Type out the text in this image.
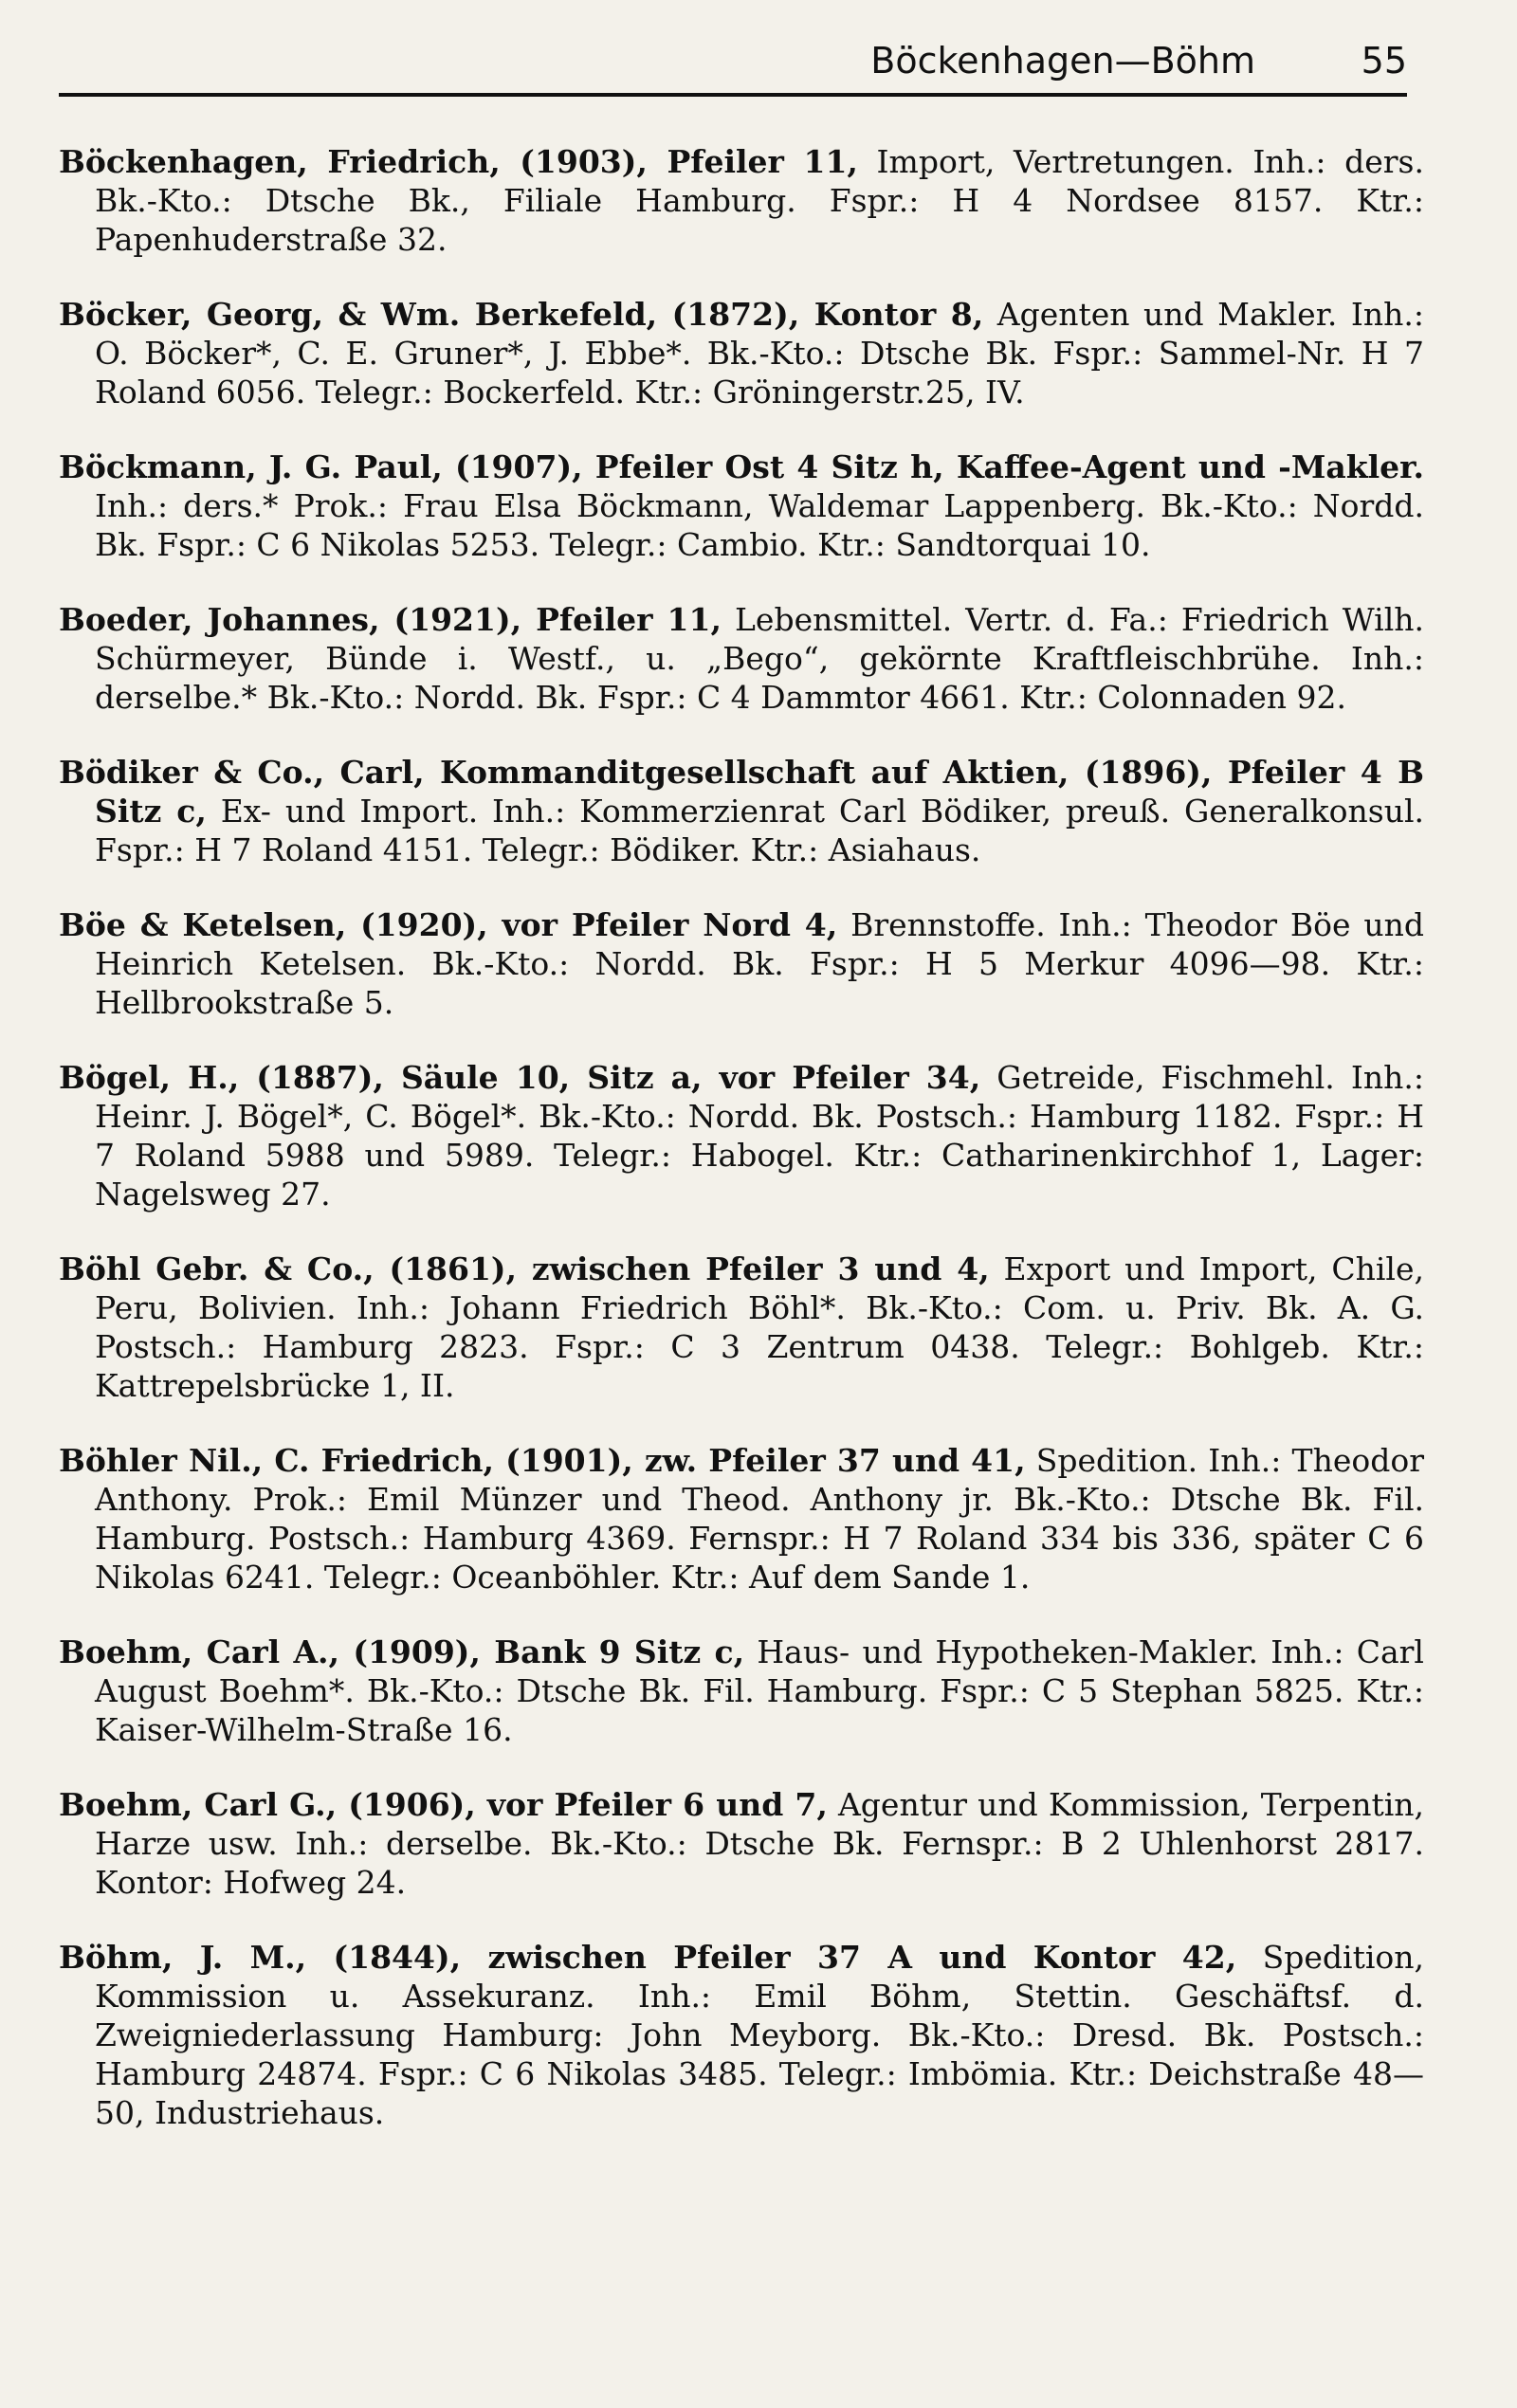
Böckenhagen—Böhm	55

Böckenhagen, Friedrich, (1903), Pfeiler 11, Import, Vertretungen. Inh.: ders. Bk.-Kto.: Dtsche Bk., Filiale Hamburg. Fspr.: H 4 Nordsee 8157. Ktr.: Papenhuderstraße 32.

Böcker, Georg, & Wm. Berkefeld, (1872), Kontor 8, Agenten und Makler. Inh.: O. Böcker*, C. E. Gruner*, J. Ebbe*. Bk.-Kto.: Dtsche Bk. Fspr.: Sammel-Nr. H 7 Roland 6056. Telegr.: Bockerfeld. Ktr.: Gröningerstr.25, IV.

Böckmann, J. G. Paul, (1907), Pfeiler Ost 4 Sitz h, Kaffee-Agent und -Makler. Inh.: ders.* Prok.: Frau Elsa Böckmann, Waldemar Lappenberg. Bk.-Kto.: Nordd. Bk. Fspr.: C 6 Nikolas 5253. Telegr.: Cambio. Ktr.: Sandtorquai 10.

Boeder, Johannes, (1921), Pfeiler 11, Lebensmittel. Vertr. d. Fa.: Friedrich Wilh. Schürmeyer, Bünde i. Westf., u. „Bego“, gekörnte Kraftfleischbrühe. Inh.: derselbe.* Bk.-Kto.: Nordd. Bk. Fspr.: C 4 Dammtor 4661. Ktr.: Colonnaden 92.

Bödiker & Co., Carl, Kommanditgesellschaft auf Aktien, (1896), Pfeiler 4 B Sitz c, Ex- und Import. Inh.: Kommerzienrat Carl Bödiker, preuß. Generalkonsul. Fspr.: H 7 Roland 4151. Telegr.: Bödiker. Ktr.: Asiahaus.

Böe & Ketelsen, (1920), vor Pfeiler Nord 4, Brennstoffe. Inh.: Theodor Böe und Heinrich Ketelsen. Bk.-Kto.: Nordd. Bk. Fspr.: H 5 Merkur 4096—98. Ktr.: Hellbrookstraße 5.

Bögel, H., (1887), Säule 10, Sitz a, vor Pfeiler 34, Getreide, Fischmehl. Inh.: Heinr. J. Bögel*, C. Bögel*. Bk.-Kto.: Nordd. Bk. Postsch.: Hamburg 1182. Fspr.: H 7 Roland 5988 und 5989. Telegr.: Habogel. Ktr.: Catharinenkirchhof 1, Lager: Nagelsweg 27.

Böhl Gebr. & Co., (1861), zwischen Pfeiler 3 und 4, Export und Import, Chile, Peru, Bolivien. Inh.: Johann Friedrich Böhl*. Bk.-Kto.: Com. u. Priv. Bk. A. G. Postsch.: Hamburg 2823. Fspr.: C 3 Zentrum 0438. Telegr.: Bohlgeb. Ktr.: Kattrepelsbrücke 1, II.

Böhler Nil., C. Friedrich, (1901), zw. Pfeiler 37 und 41, Spedition. Inh.: Theodor Anthony. Prok.: Emil Münzer und Theod. Anthony jr. Bk.-Kto.: Dtsche Bk. Fil. Hamburg. Postsch.: Hamburg 4369. Fernspr.: H 7 Roland 334 bis 336, später C 6 Nikolas 6241. Telegr.: Oceanböhler. Ktr.: Auf dem Sande 1.

Boehm, Carl A., (1909), Bank 9 Sitz c, Haus- und Hypotheken-Makler. Inh.: Carl August Boehm*. Bk.-Kto.: Dtsche Bk. Fil. Hamburg. Fspr.: C 5 Stephan 5825. Ktr.: Kaiser-Wilhelm-Straße 16.

Boehm, Carl G., (1906), vor Pfeiler 6 und 7, Agentur und Kommission, Terpentin, Harze usw. Inh.: derselbe. Bk.-Kto.: Dtsche Bk. Fernspr.: B 2 Uhlenhorst 2817. Kontor: Hofweg 24.

Böhm, J. M., (1844), zwischen Pfeiler 37 A und Kontor 42, Spedition, Kommission u. Assekuranz. Inh.: Emil Böhm, Stettin. Geschäftsf. d. Zweigniederlassung Hamburg: John Meyborg. Bk.-Kto.: Dresd. Bk. Postsch.: Hamburg 24874. Fspr.: C 6 Nikolas 3485. Telegr.: Imbömia. Ktr.: Deichstraße 48—50, Industriehaus.
